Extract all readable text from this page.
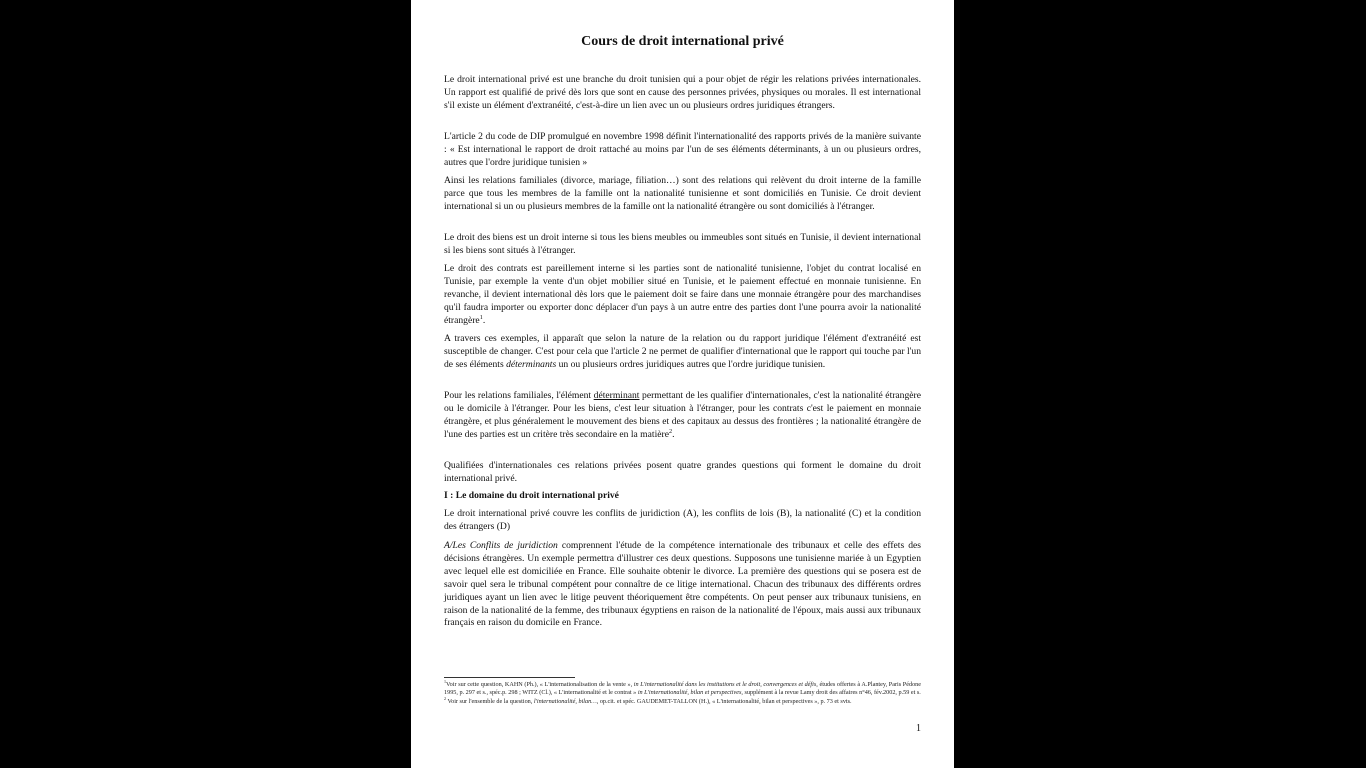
Cours de droit international privé
Le droit international privé est une branche du droit tunisien qui a pour objet de régir les relations privées internationales. Un rapport est qualifié de privé dès lors que sont en cause des personnes privées, physiques ou morales. Il est international s'il existe un élément d'extranéité, c'est-à-dire un lien avec un ou plusieurs ordres juridiques étrangers.
L'article 2 du code de DIP promulgué en novembre 1998 définit l'internationalité des rapports privés de la manière suivante : « Est international le rapport de droit rattaché au moins par l'un de ses éléments déterminants, à un ou plusieurs ordres, autres que l'ordre juridique tunisien »
Ainsi les relations familiales (divorce, mariage, filiation…) sont des relations qui relèvent du droit interne de la famille parce que tous les membres de la famille ont la nationalité tunisienne et sont domiciliés en Tunisie. Ce droit devient international si un ou plusieurs membres de la famille ont la nationalité étrangère ou sont domiciliés à l'étranger.
Le droit des biens est un droit interne si tous les biens meubles ou immeubles sont situés en Tunisie, il devient international si les biens sont situés à l'étranger.
Le droit des contrats est pareillement interne si les parties sont de nationalité tunisienne, l'objet du contrat localisé en Tunisie, par exemple la vente d'un objet mobilier situé en Tunisie, et le paiement effectué en monnaie tunisienne. En revanche, il devient international dès lors que le paiement doit se faire dans une monnaie étrangère pour des marchandises qu'il faudra importer ou exporter donc déplacer d'un pays à un autre entre des parties dont l'une pourra avoir la nationalité étrangère$^1$.
A travers ces exemples, il apparaît que selon la nature de la relation ou du rapport juridique l'élément d'extranéité est susceptible de changer. C'est pour cela que l'article 2 ne permet de qualifier d'international que le rapport qui touche par l'un de ses éléments déterminants un ou plusieurs ordres juridiques autres que l'ordre juridique tunisien.
Pour les relations familiales, l'élément déterminant permettant de les qualifier d'internationales, c'est la nationalité étrangère ou le domicile à l'étranger. Pour les biens, c'est leur situation à l'étranger, pour les contrats c'est le paiement en monnaie étrangère, et plus généralement le mouvement des biens et des capitaux au dessus des frontières ; la nationalité étrangère de l'une des parties est un critère très secondaire en la matière$^2$.
Qualifiées d'internationales ces relations privées posent quatre grandes questions qui forment le domaine du droit international privé.
I : Le domaine du droit international privé
Le droit international privé couvre les conflits de juridiction (A), les conflits de lois (B), la nationalité (C) et la condition des étrangers (D)
A/Les Conflits de juridiction comprennent l'étude de la compétence internationale des tribunaux et celle des effets des décisions étrangères. Un exemple permettra d'illustrer ces deux questions. Supposons une tunisienne mariée à un Egyptien avec lequel elle est domiciliée en France. Elle souhaite obtenir le divorce. La première des questions qui se posera est de savoir quel sera le tribunal compétent pour connaître de ce litige international. Chacun des tribunaux des différents ordres juridiques ayant un lien avec le litige peuvent théoriquement être compétents. On peut penser aux tribunaux tunisiens, en raison de la nationalité de la femme, des tribunaux égyptiens en raison de la nationalité de l'époux, mais aussi aux tribunaux français en raison du domicile en France.
$^1$Voir sur cette question, KAHN (Ph.), « L'internationalisation de la vente », in L'internationalité dans les institutions et le droit, convergences et défis, études offertes à A.Plantey, Paris Pédone 1995, p. 297 et s., spéc.p. 298 ; WITZ (Cl.), « L'internationalité et le contrat » in L'internationalité, bilan et perspectives, supplément à la revue Lamy droit des affaires n°46, fév.2002, p.59 et s.
$^2$ Voir sur l'ensemble de la question, l'internationalité, bilan…, op.cit. et spéc. GAUDEMET-TALLON (H.), « L'internationalité, bilan et perspectives », p. 73 et svts.
1
